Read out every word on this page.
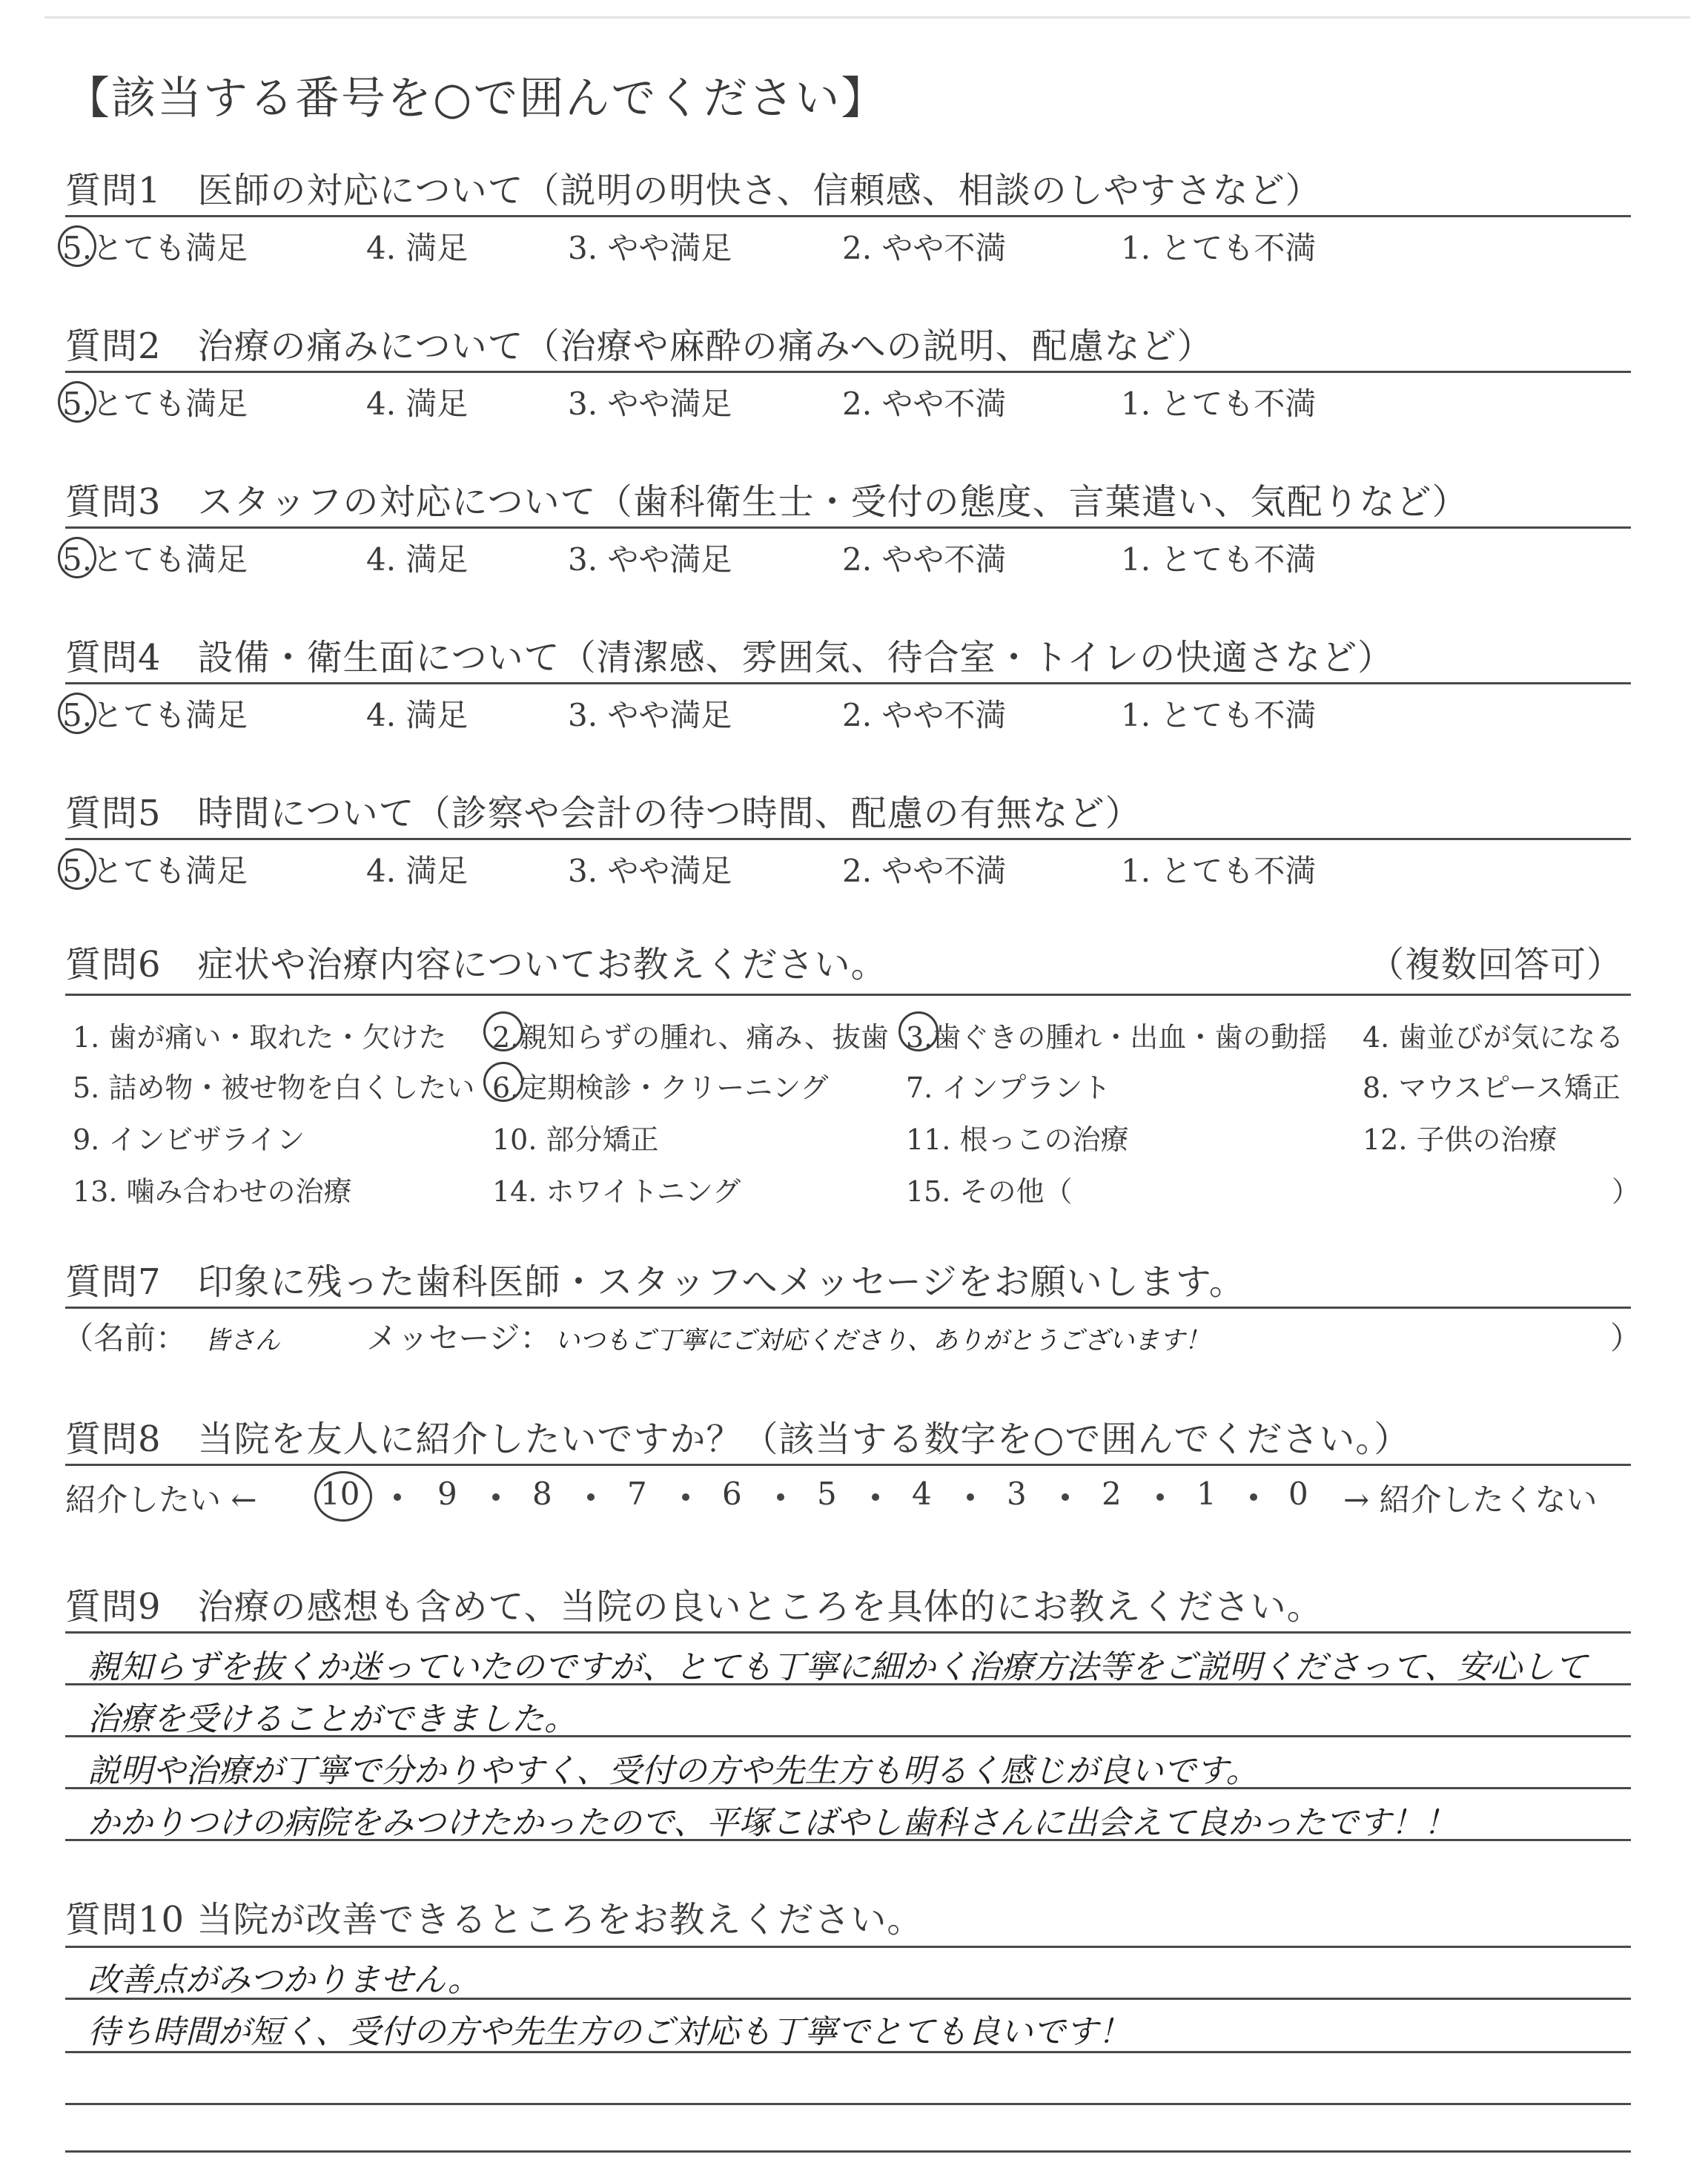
【該当する番号を○で囲んでください】
質問1　医師の対応について（説明の明快さ、信頼感、相談のしやすさなど）
5.とても満足	4. 満足	3. やや満足	2. やや不満	1. とても不満
質問2　治療の痛みについて（治療や麻酔の痛みへの説明、配慮など）
5.とても満足	4. 満足	3. やや満足	2. やや不満	1. とても不満
質問3　スタッフの対応について（歯科衛生士・受付の態度、言葉遣い、気配りなど）
5.とても満足	4. 満足	3. やや満足	2. やや不満	1. とても不満
質問4　設備・衛生面について（清潔感、雰囲気、待合室・トイレの快適さなど）
5.とても満足	4. 満足	3. やや満足	2. やや不満	1. とても不満
質問5　時間について（診察や会計の待つ時間、配慮の有無など）
5.とても満足	4. 満足	3. やや満足	2. やや不満	1. とても不満
質問6　症状や治療内容についてお教えください。	（複数回答可）
1. 歯が痛い・取れた・欠けた 2.親知らずの腫れ、痛み、抜歯 3.歯ぐきの腫れ・出血・歯の動揺 4. 歯並びが気になる
5. 詰め物・被せ物を白くしたい 6.定期検診・クリーニング	7. インプラント	8. マウスピース矯正
9. インビザライン	10. 部分矯正	11. 根っこの治療	12. 子供の治療
13. 噛み合わせの治療	14. ホワイトニング	15. その他（	）
質問7　印象に残った歯科医師・スタッフへメッセージをお願いします。
（名前： 皆さん	メッセージ： いつもご丁寧にご対応くださり、ありがとうございます！	）
質問8　当院を友人に紹介したいですか？（該当する数字を○で囲んでください。）
紹介したい ← 10 9 8 7 6 5 4 3 2 1 0 → 紹介したくない
質問9　治療の感想も含めて、当院の良いところを具体的にお教えください。
親知らずを抜くか迷っていたのですが、とても丁寧に細かく治療方法等をご説明くださって、安心して
治療を受けることができました。
説明や治療が丁寧で分かりやすく、受付の方や先生方も明るく感じが良いです。
かかりつけの病院をみつけたかったので、平塚こばやし歯科さんに出会えて良かったです！！
質問10 当院が改善できるところをお教えください。
改善点がみつかりません。
待ち時間が短く、受付の方や先生方のご対応も丁寧でとても良いです！
